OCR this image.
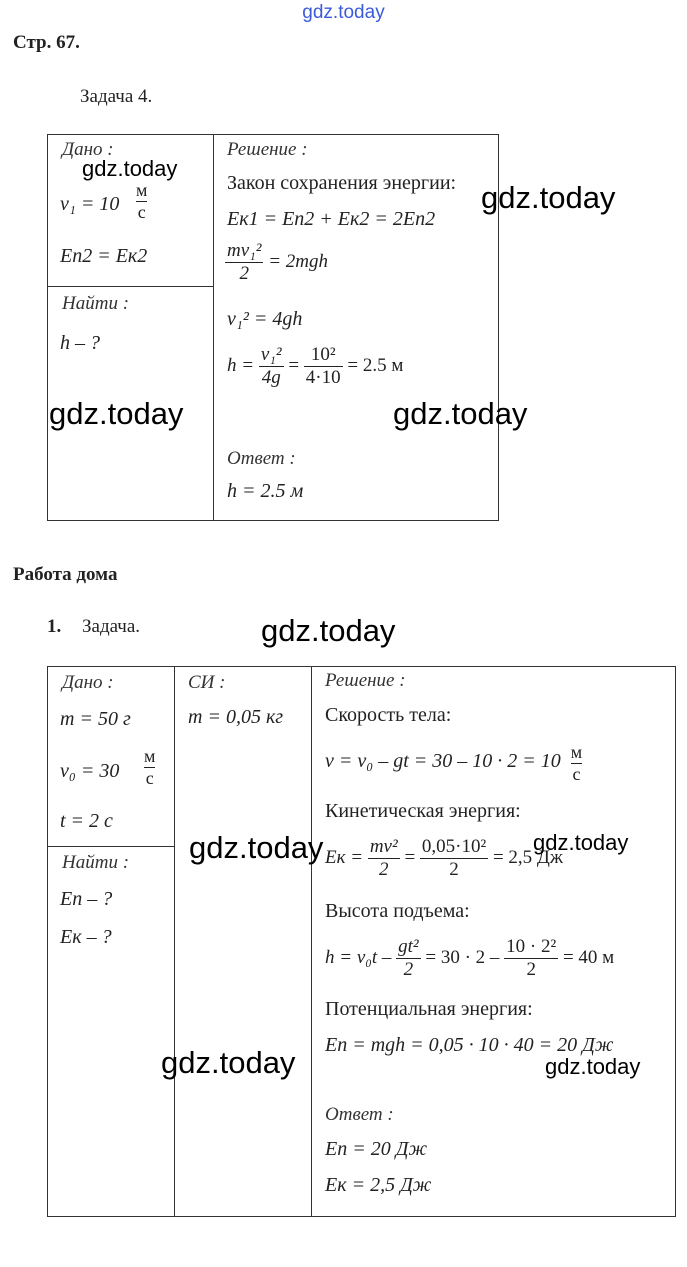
gdz.today
Стр. 67.
Задача 4.
Дано :
v₁ = 10
м
с
Eп2 = Eк2
Найти :
h – ?
Решение :
Закон сохранения энергии:
Eк1 = Eп2 + Eк2 = 2Eп2
$\frac{\text{mv₁²}}{2} = 2mgh$
v₁² = 4gh
$h = \frac{\text{v₁²}}{4g} = \frac{\text{10²}}{4\cdot 10} = 2.5$ м
Ответ :
h = 2.5 м
gdz.today
gdz.today
gdz.today	gdz.today
Работа дома
1. Задача.	gdz.today
Дано :
m = 50 г
v₀ = 30
м
с
t = 2 с
СИ :
m = 0,05 кг
Найти :
Eп – ?
Eк – ?
Решение :
Скорость тела:
v = v₀ – gt = 30 – 10 · 2 = 10 м
с
Кинетическая энергия:
Eк = $\frac{\text{mv²}}{2} = \frac{\text{0,05·10²}}{2} = 2,5$ Дж
Высота подъема:
$h = v_0t - \frac{\text{gt²}}{2} = 30 \cdot 2 - \frac{\text{10 · 2²}}{2} = 40$ м
Потенциальная энергия:
Eп = mgh = 0,05 · 10 · 40 = 20 Дж
Ответ :
Eп = 20 Дж
Eк = 2,5 Дж
gdz.today	gdz.today
gdz.today	gdz.today
